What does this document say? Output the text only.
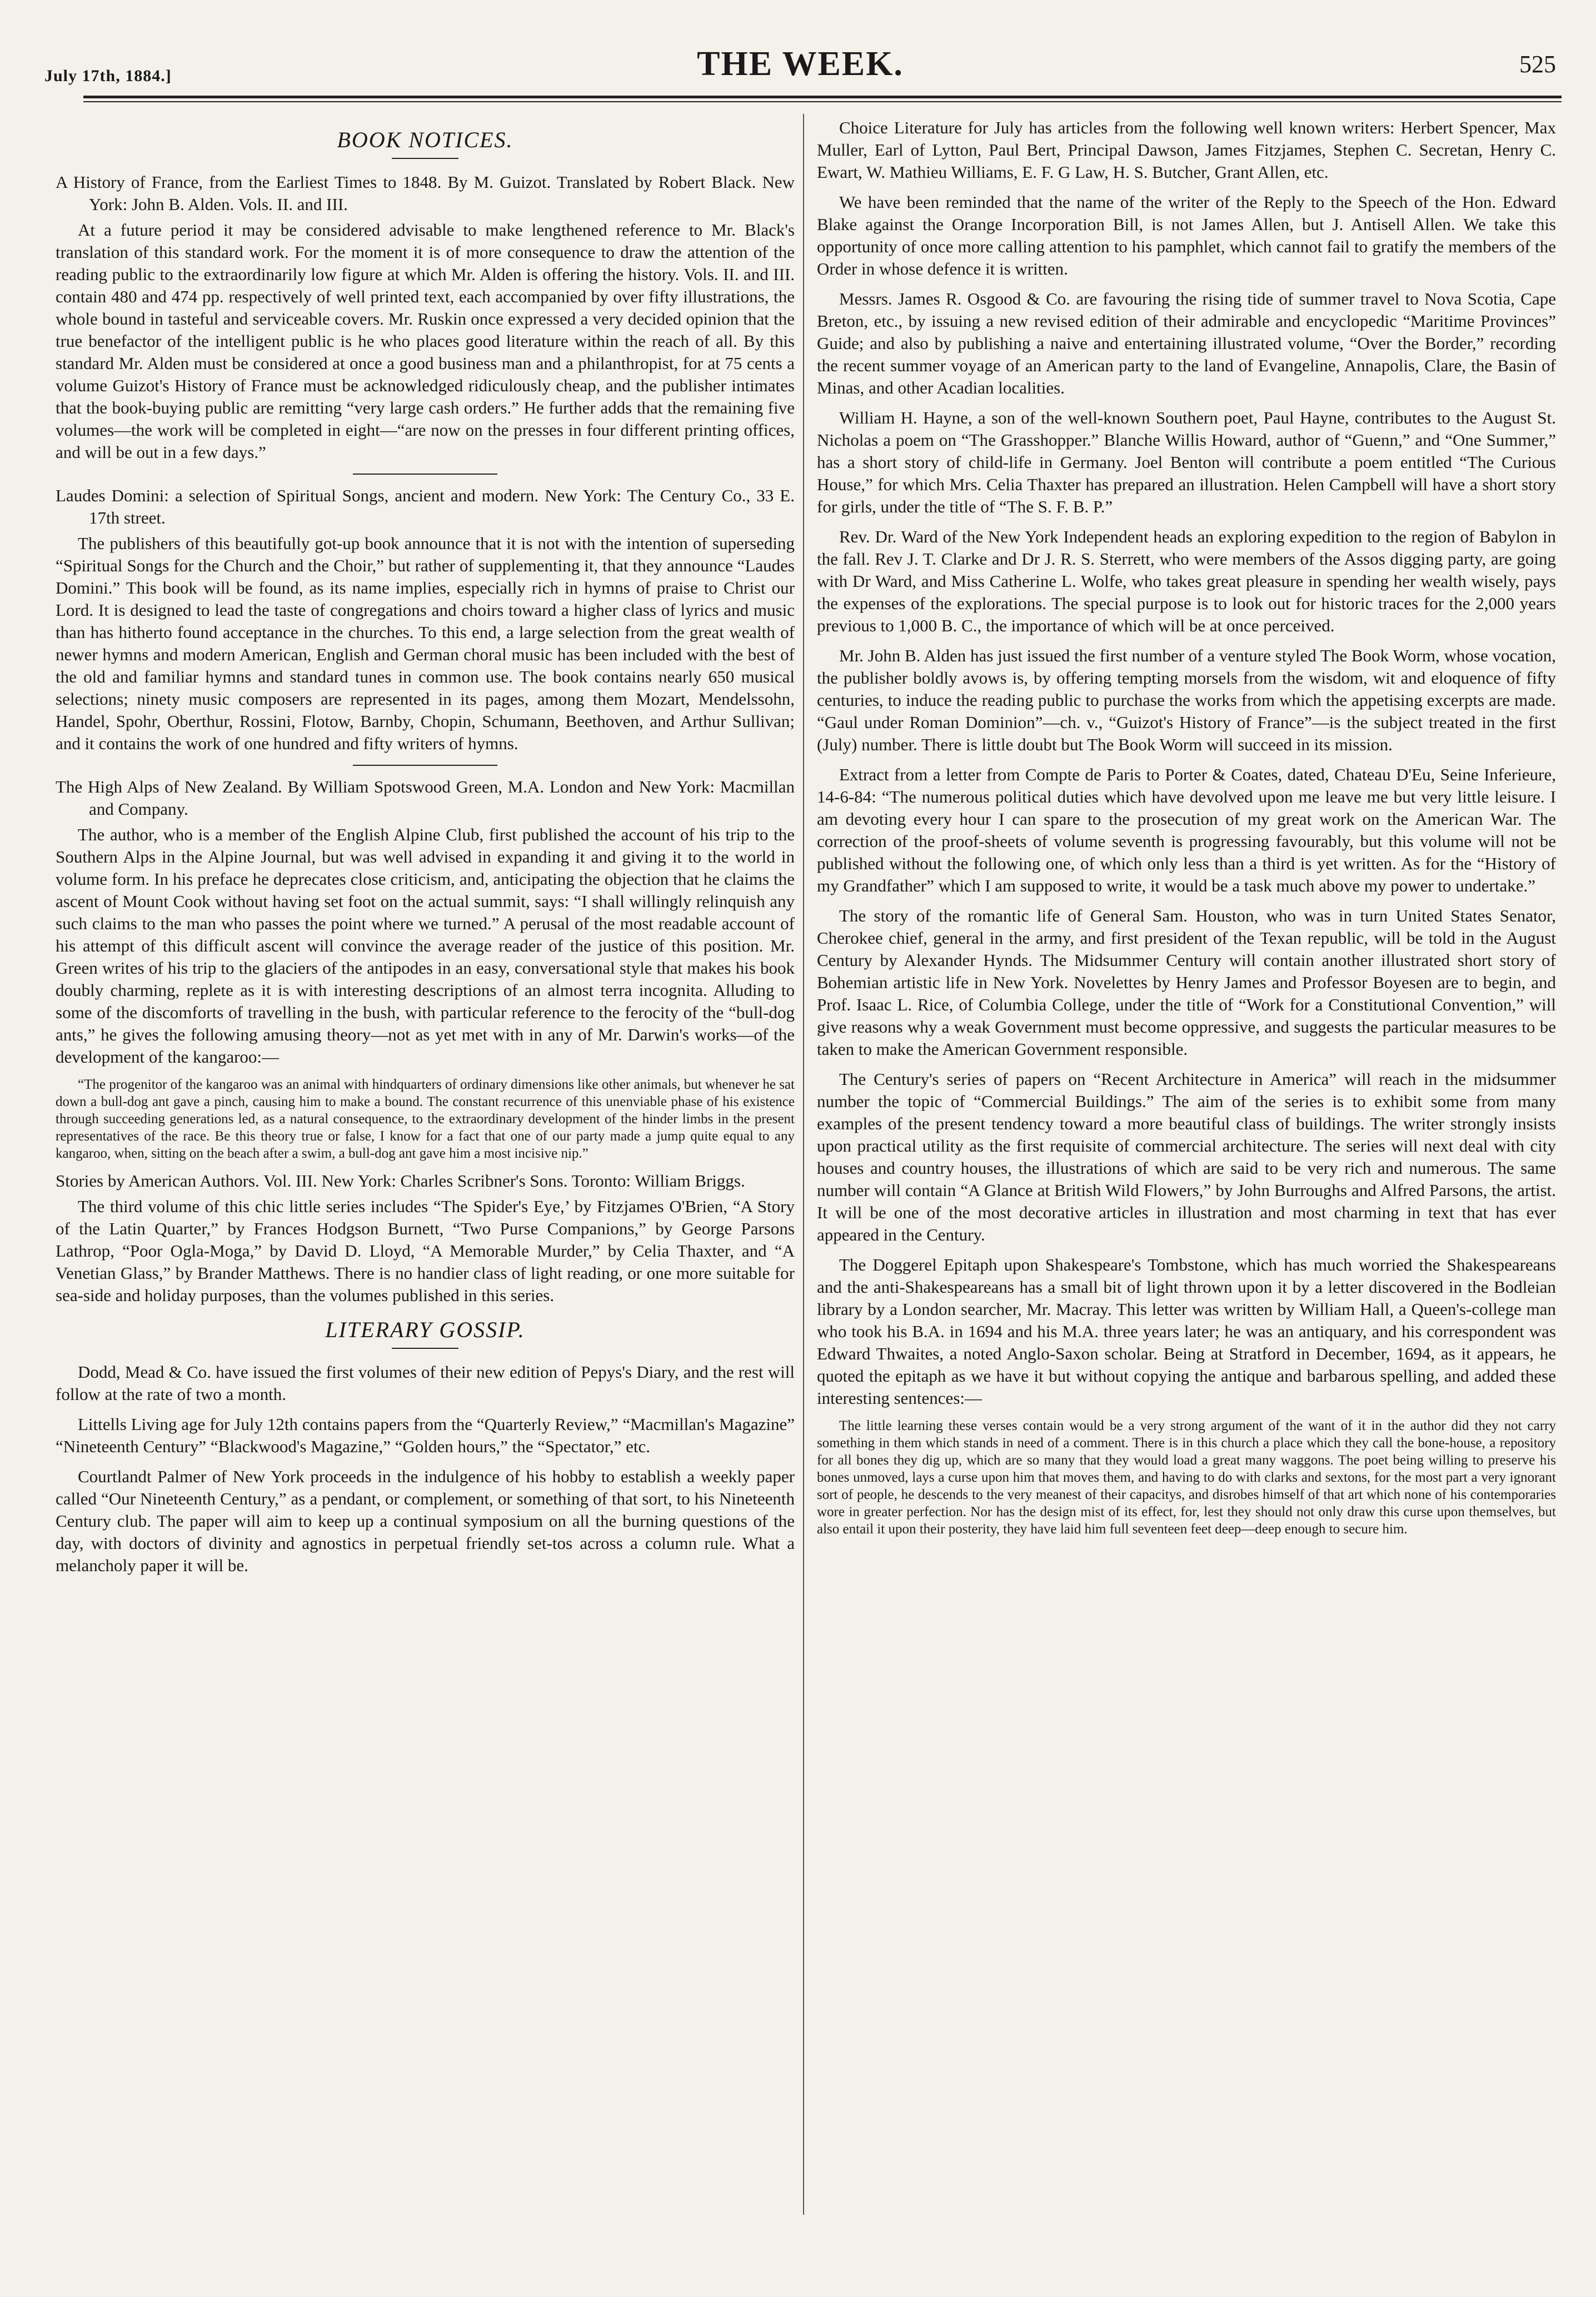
July 17th, 1884.]	THE WEEK.	525
BOOK NOTICES.

A History of France, from the Earliest Times to 1848. By M. Guizot. Translated by Robert Black. New York: John B. Alden. Vols. II. and III.

At a future period it may be considered advisable to make lengthened reference to Mr. Black's translation of this standard work. For the moment it is of more consequence to draw the attention of the reading public to the extraordinarily low figure at which Mr. Alden is offering the history. Vols. II. and III. contain 480 and 474 pp. respectively of well printed text, each accompanied by over fifty illustrations, the whole bound in tasteful and serviceable covers. Mr. Ruskin once expressed a very decided opinion that the true benefactor of the intelligent public is he who places good literature within the reach of all. By this standard Mr. Alden must be considered at once a good business man and a philanthropist, for at 75 cents a volume Guizot's History of France must be acknowledged ridiculously cheap, and the publisher intimates that the book-buying public are remitting “very large cash orders.” He further adds that the remaining five volumes—the work will be completed in eight—“are now on the presses in four different printing offices, and will be out in a few days.”

Laudes Domini: a selection of Spiritual Songs, ancient and modern. New York: The Century Co., 33 E. 17th street.

The publishers of this beautifully got-up book announce that it is not with the intention of superseding “Spiritual Songs for the Church and the Choir,” but rather of supplementing it, that they announce “Laudes Domini.” This book will be found, as its name implies, especially rich in hymns of praise to Christ our Lord. It is designed to lead the taste of congregations and choirs toward a higher class of lyrics and music than has hitherto found acceptance in the churches. To this end, a large selection from the great wealth of newer hymns and modern American, English and German choral music has been included with the best of the old and familiar hymns and standard tunes in common use. The book contains nearly 650 musical selections; ninety music composers are represented in its pages, among them Mozart, Mendelssohn, Handel, Spohr, Oberthur, Rossini, Flotow, Barnby, Chopin, Schumann, Beethoven, and Arthur Sullivan; and it contains the work of one hundred and fifty writers of hymns.

The High Alps of New Zealand. By William Spotswood Green, M.A. London and New York: Macmillan and Company.

The author, who is a member of the English Alpine Club, first published the account of his trip to the Southern Alps in the Alpine Journal, but was well advised in expanding it and giving it to the world in volume form. In his preface he deprecates close criticism, and, anticipating the objection that he claims the ascent of Mount Cook without having set foot on the actual summit, says: “I shall willingly relinquish any such claims to the man who passes the point where we turned.” A perusal of the most readable account of his attempt of this difficult ascent will convince the average reader of the justice of this position. Mr. Green writes of his trip to the glaciers of the antipodes in an easy, conversational style that makes his book doubly charming, replete as it is with interesting descriptions of an almost terra incognita. Alluding to some of the discomforts of travelling in the bush, with particular reference to the ferocity of the “bull-dog ants,” he gives the following amusing theory—not as yet met with in any of Mr. Darwin's works—of the development of the kangaroo:—

“The progenitor of the kangaroo was an animal with hindquarters of ordinary dimensions like other animals, but whenever he sat down a bull-dog ant gave a pinch, causing him to make a bound. The constant recurrence of this unenviable phase of his existence through succeeding generations led, as a natural consequence, to the extraordinary development of the hinder limbs in the present representatives of the race. Be this theory true or false, I know for a fact that one of our party made a jump quite equal to any kangaroo, when, sitting on the beach after a swim, a bull-dog ant gave him a most incisive nip.”

Stories by American Authors. Vol. III. New York: Charles Scribner's Sons. Toronto: William Briggs.

The third volume of this chic little series includes “The Spider's Eye,’ by Fitzjames O'Brien, “A Story of the Latin Quarter,” by Frances Hodgson Burnett, “Two Purse Companions,” by George Parsons Lathrop, “Poor Ogla-Moga,” by David D. Lloyd, “A Memorable Murder,” by Celia Thaxter, and “A Venetian Glass,” by Brander Matthews. There is no handier class of light reading, or one more suitable for sea-side and holiday purposes, than the volumes published in this series.

LITERARY GOSSIP.

Dodd, Mead & Co. have issued the first volumes of their new edition of Pepys's Diary, and the rest will follow at the rate of two a month.

Littells Living age for July 12th contains papers from the “Quarterly Review,” “Macmillan's Magazine” “Nineteenth Century” “Blackwood's Magazine,” “Golden hours,” the “Spectator,” etc.

Courtlandt Palmer of New York proceeds in the indulgence of his hobby to establish a weekly paper called “Our Nineteenth Century,” as a pendant, or complement, or something of that sort, to his Nineteenth Century club. The paper will aim to keep up a continual symposium on all the burning questions of the day, with doctors of divinity and agnostics in perpetual friendly set-tos across a column rule. What a melancholy paper it will be.

Choice Literature for July has articles from the following well known writers: Herbert Spencer, Max Muller, Earl of Lytton, Paul Bert, Principal Dawson, James Fitzjames, Stephen C. Secretan, Henry C. Ewart, W. Mathieu Williams, E. F. G Law, H. S. Butcher, Grant Allen, etc.

We have been reminded that the name of the writer of the Reply to the Speech of the Hon. Edward Blake against the Orange Incorporation Bill, is not James Allen, but J. Antisell Allen. We take this opportunity of once more calling attention to his pamphlet, which cannot fail to gratify the members of the Order in whose defence it is written.

Messrs. James R. Osgood & Co. are favouring the rising tide of summer travel to Nova Scotia, Cape Breton, etc., by issuing a new revised edition of their admirable and encyclopedic “Maritime Provinces” Guide; and also by publishing a naive and entertaining illustrated volume, “Over the Border,” recording the recent summer voyage of an American party to the land of Evangeline, Annapolis, Clare, the Basin of Minas, and other Acadian localities.

William H. Hayne, a son of the well-known Southern poet, Paul Hayne, contributes to the August St. Nicholas a poem on “The Grasshopper.” Blanche Willis Howard, author of “Guenn,” and “One Summer,” has a short story of child-life in Germany. Joel Benton will contribute a poem entitled “The Curious House,” for which Mrs. Celia Thaxter has prepared an illustration. Helen Campbell will have a short story for girls, under the title of “The S. F. B. P.”

Rev. Dr. Ward of the New York Independent heads an exploring expedition to the region of Babylon in the fall. Rev J. T. Clarke and Dr J. R. S. Sterrett, who were members of the Assos digging party, are going with Dr Ward, and Miss Catherine L. Wolfe, who takes great pleasure in spending her wealth wisely, pays the expenses of the explorations. The special purpose is to look out for historic traces for the 2,000 years previous to 1,000 B. C., the importance of which will be at once perceived.

Mr. John B. Alden has just issued the first number of a venture styled The Book Worm, whose vocation, the publisher boldly avows is, by offering tempting morsels from the wisdom, wit and eloquence of fifty centuries, to induce the reading public to purchase the works from which the appetising excerpts are made. “Gaul under Roman Dominion”—ch. v., “Guizot's History of France”—is the subject treated in the first (July) number. There is little doubt but The Book Worm will succeed in its mission.

Extract from a letter from Compte de Paris to Porter & Coates, dated, Chateau D'Eu, Seine Inferieure, 14-6-84: “The numerous political duties which have devolved upon me leave me but very little leisure. I am devoting every hour I can spare to the prosecution of my great work on the American War. The correction of the proof-sheets of volume seventh is progressing favourably, but this volume will not be published without the following one, of which only less than a third is yet written. As for the “History of my Grandfather” which I am supposed to write, it would be a task much above my power to undertake.”

The story of the romantic life of General Sam. Houston, who was in turn United States Senator, Cherokee chief, general in the army, and first president of the Texan republic, will be told in the August Century by Alexander Hynds. The Midsummer Century will contain another illustrated short story of Bohemian artistic life in New York. Novelettes by Henry James and Professor Boyesen are to begin, and Prof. Isaac L. Rice, of Columbia College, under the title of “Work for a Constitutional Convention,” will give reasons why a weak Government must become oppressive, and suggests the particular measures to be taken to make the American Government responsible.

The Century's series of papers on “Recent Architecture in America” will reach in the midsummer number the topic of “Commercial Buildings.” The aim of the series is to exhibit some from many examples of the present tendency toward a more beautiful class of buildings. The writer strongly insists upon practical utility as the first requisite of commercial architecture. The series will next deal with city houses and country houses, the illustrations of which are said to be very rich and numerous. The same number will contain “A Glance at British Wild Flowers,” by John Burroughs and Alfred Parsons, the artist. It will be one of the most decorative articles in illustration and most charming in text that has ever appeared in the Century.

The Doggerel Epitaph upon Shakespeare's Tombstone, which has much worried the Shakespeareans and the anti-Shakespeareans has a small bit of light thrown upon it by a letter discovered in the Bodleian library by a London searcher, Mr. Macray. This letter was written by William Hall, a Queen's-college man who took his B.A. in 1694 and his M.A. three years later; he was an antiquary, and his correspondent was Edward Thwaites, a noted Anglo-Saxon scholar. Being at Stratford in December, 1694, as it appears, he quoted the epitaph as we have it but without copying the antique and barbarous spelling, and added these interesting sentences:—

The little learning these verses contain would be a very strong argument of the want of it in the author did they not carry something in them which stands in need of a comment. There is in this church a place which they call the bone-house, a repository for all bones they dig up, which are so many that they would load a great many waggons. The poet being willing to preserve his bones unmoved, lays a curse upon him that moves them, and having to do with clarks and sextons, for the most part a very ignorant sort of people, he descends to the very meanest of their capacitys, and disrobes himself of that art which none of his contemporaries wore in greater perfection. Nor has the design mist of its effect, for, lest they should not only draw this curse upon themselves, but also entail it upon their posterity, they have laid him full seventeen feet deep—deep enough to secure him.
